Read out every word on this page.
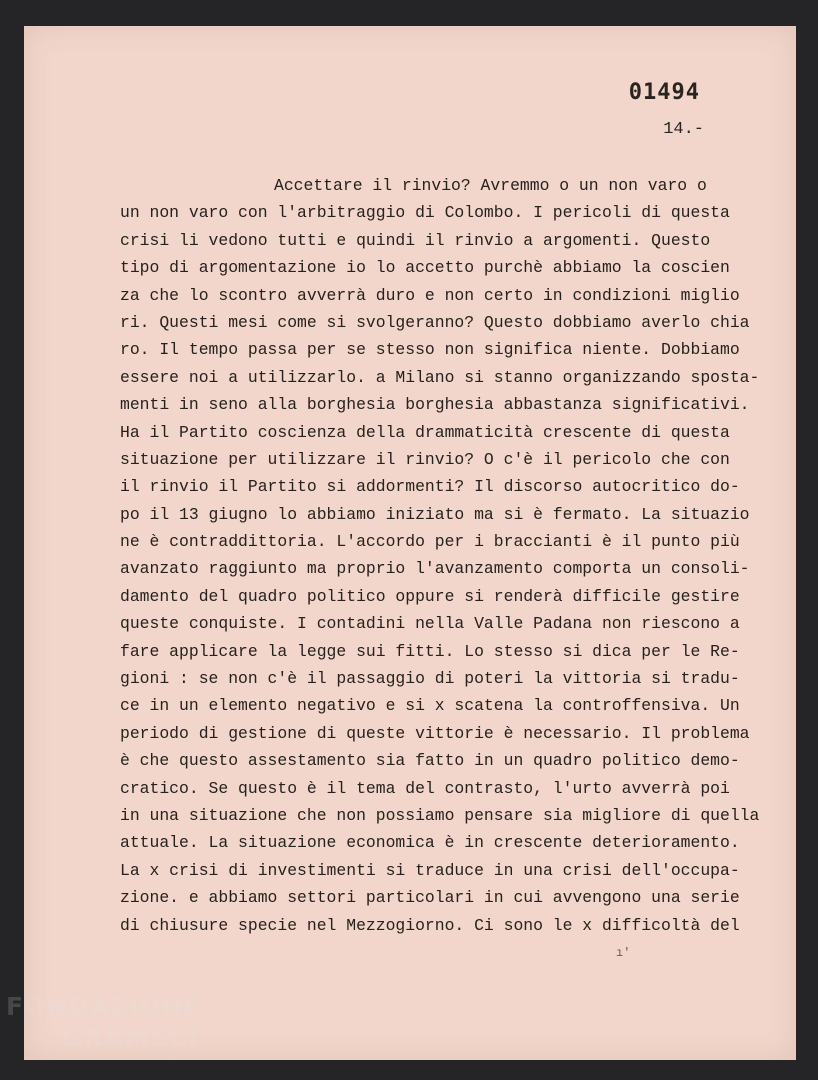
01494
14.-
Accettare il rinvio? Avremmo o un non varo o
un non varo con l'arbitraggio di Colombo. I pericoli di questa
crisi li vedono tutti e quindi il rinvio a argomenti. Questo
tipo di argomentazione io lo accetto purchè abbiamo la coscien
za che lo scontro avverrà duro e non certo in condizioni miglio
ri. Questi mesi come si svolgeranno? Questo dobbiamo averlo chia
ro. Il tempo passa per se stesso non significa niente. Dobbiamo
essere noi a utilizzarlo. a Milano si stanno organizzando sposta-
menti in seno alla borghesia borghesia abbastanza significativi.
Ha il Partito coscienza della drammaticità crescente di questa
situazione per utilizzare il rinvio? O c'è il pericolo che con
il rinvio il Partito si addormenti? Il discorso autocritico do-
po il 13 giugno lo abbiamo iniziato ma si è fermato. La situazio
ne è contraddittoria. L'accordo per i braccianti è il punto più
avanzato raggiunto ma proprio l'avanzamento comporta un consoli-
damento del quadro politico oppure si renderà difficile gestire
queste conquiste. I contadini nella Valle Padana non riescono a
fare applicare la legge sui fitti. Lo stesso si dica per le Re-
gioni : se non c'è il passaggio di poteri la vittoria si tradu-
ce in un elemento negativo e si x scatena la controffensiva. Un
periodo di gestione di queste vittorie è necessario. Il problema
è che questo assestamento sia fatto in un quadro politico demo-
cratico. Se questo è il tema del contrasto, l'urto avverrà poi
in una situazione che non possiamo pensare sia migliore di quella
attuale. La situazione economica è in crescente deterioramento.
La x crisi di investimenti si traduce in una crisi dell'occupa-
zione. e abbiamo settori particolari in cui avvengono una serie
di chiusure specie nel Mezzogiorno. Ci sono le x difficoltà del
ı'
FONDAZIONE
GRAMSCI
onlus
